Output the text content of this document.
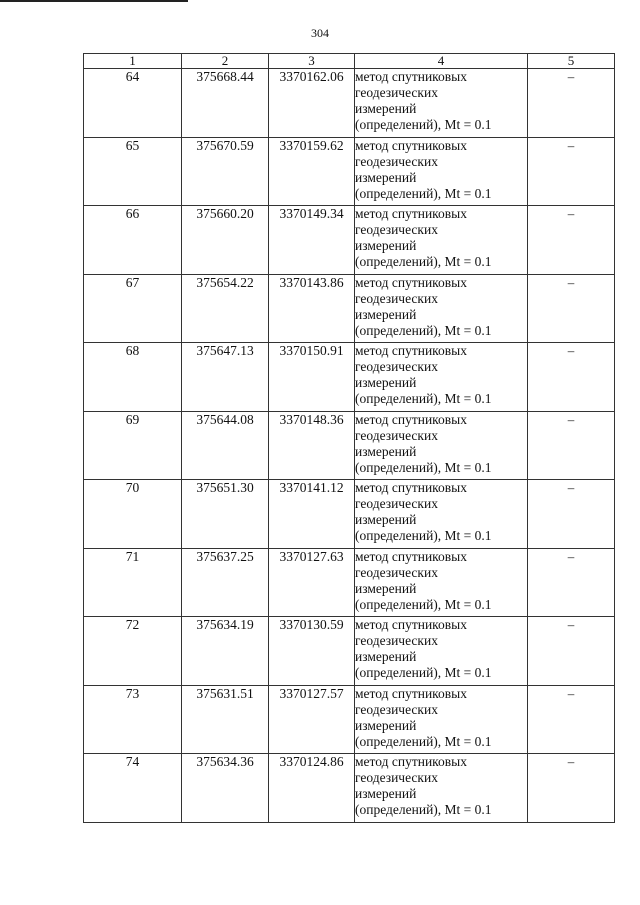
304
1	2	3	4	5
64	375668.44	3370162.06	метод спутниковых
геодезических
измерений
(определений), Mt = 0.1	–
65	375670.59	3370159.62	метод спутниковых
геодезических
измерений
(определений), Mt = 0.1	–
66	375660.20	3370149.34	метод спутниковых
геодезических
измерений
(определений), Mt = 0.1	–
67	375654.22	3370143.86	метод спутниковых
геодезических
измерений
(определений), Mt = 0.1	–
68	375647.13	3370150.91	метод спутниковых
геодезических
измерений
(определений), Mt = 0.1	–
69	375644.08	3370148.36	метод спутниковых
геодезических
измерений
(определений), Mt = 0.1	–
70	375651.30	3370141.12	метод спутниковых
геодезических
измерений
(определений), Mt = 0.1	–
71	375637.25	3370127.63	метод спутниковых
геодезических
измерений
(определений), Mt = 0.1	–
72	375634.19	3370130.59	метод спутниковых
геодезических
измерений
(определений), Mt = 0.1	–
73	375631.51	3370127.57	метод спутниковых
геодезических
измерений
(определений), Mt = 0.1	–
74	375634.36	3370124.86	метод спутниковых
геодезических
измерений
(определений), Mt = 0.1	–
